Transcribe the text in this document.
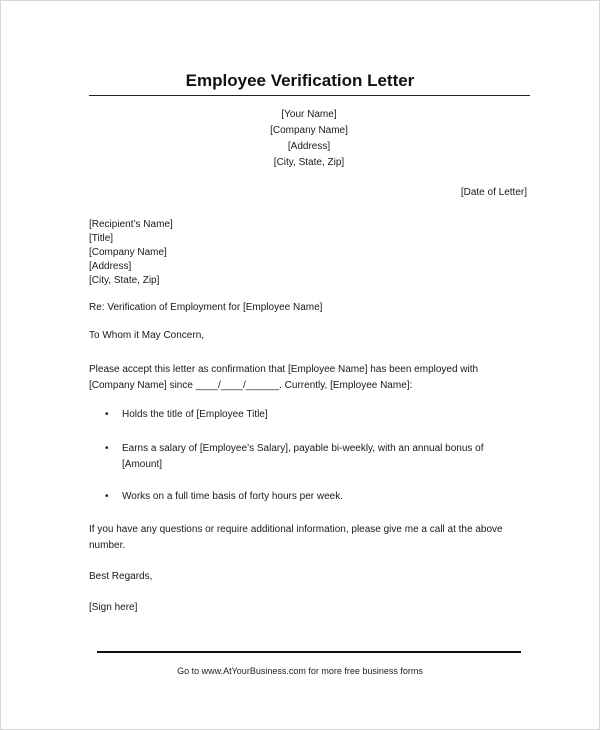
Employee Verification Letter
[Your Name]
[Company Name]
[Address]
[City, State, Zip]
[Date of Letter]
[Recipient’s Name]
[Title]
[Company Name]
[Address]
[City, State, Zip]
Re: Verification of Employment for [Employee Name]
To Whom it May Concern,
Please accept this letter as confirmation that [Employee Name] has been employed with [Company Name] since ____/____/______. Currently, [Employee Name]:
• Holds the title of [Employee Title]
• Earns a salary of [Employee’s Salary], payable bi-weekly, with an annual bonus of [Amount]
• Works on a full time basis of forty hours per week.
If you have any questions or require additional information, please give me a call at the above number.
Best Regards,
[Sign here]
Go to www.AtYourBusiness.com for more free business forms
